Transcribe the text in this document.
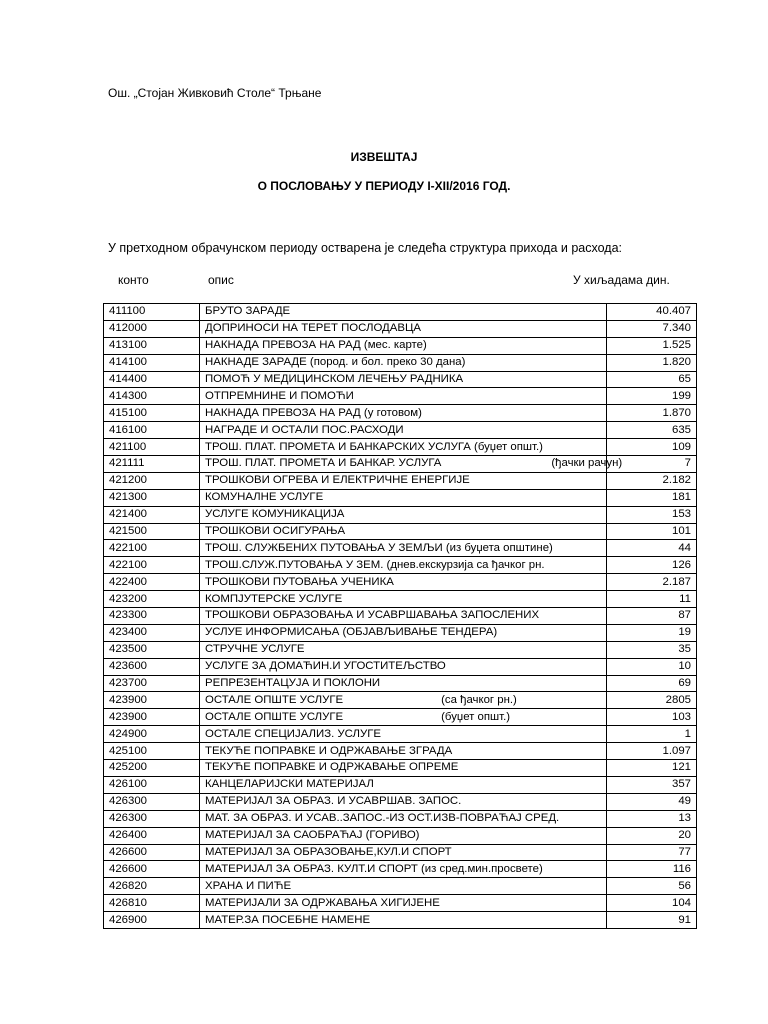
Ош. „Стојан Живковић Столе“ Трњане
ИЗВЕШТАЈ
О ПОСЛОВАЊУ У ПЕРИОДУ I-XII/2016 ГОД.
У претходном обрачунском периоду остварена је следећа структура прихода и расхода:
конто	опис	У хиљадама дин.
411100	БРУТО ЗАРАДЕ	40.407
412000	ДОПРИНОСИ НА ТЕРЕТ ПОСЛОДАВЦА	7.340
413100	НАКНАДА ПРЕВОЗА НА РАД (мес. карте)	1.525
414100	НАКНАДЕ ЗАРАДЕ (пород. и бол. преко 30 дана)	1.820
414400	ПОМОЋ У МЕДИЦИНСКОМ ЛЕЧЕЊУ РАДНИКА	65
414300	ОТПРЕМНИНЕ И ПОМОЋИ	199
415100	НАКНАДА ПРЕВОЗА НА РАД (у готовом)	1.870
416100	НАГРАДЕ И ОСТАЛИ ПОС.РАСХОДИ	635
421100	ТРОШ. ПЛАТ. ПРОМЕТА И БАНКАРСКИХ УСЛУГА (буџет општ.)	109
421111	ТРОШ. ПЛАТ. ПРОМЕТА И БАНКАР. УСЛУГА (ђачки рачун)	7
421200	ТРОШКОВИ ОГРЕВА И ЕЛЕКТРИЧНЕ ЕНЕРГИЈЕ	2.182
421300	КОМУНАЛНЕ УСЛУГЕ	181
421400	УСЛУГЕ КОМУНИКАЦИЈА	153
421500	ТРОШКОВИ ОСИГУРАЊА	101
422100	ТРОШ. СЛУЖБЕНИХ ПУТОВАЊА У ЗЕМЉИ (из буџета општине)	44
422100	ТРОШ.СЛУЖ.ПУТОВАЊА У ЗЕМ. (днев.екскурзија са ђачког рн.	126
422400	ТРОШКОВИ ПУТОВАЊА УЧЕНИКА	2.187
423200	КОМПЈУТЕРСКЕ УСЛУГЕ	11
423300	ТРОШКОВИ ОБРАЗОВАЊА И УСАВРШАВАЊА ЗАПОСЛЕНИХ	87
423400	УСЛУЕ ИНФОРМИСАЊА (ОБЈАВЉИВАЊЕ ТЕНДЕРА)	19
423500	СТРУЧНЕ УСЛУГЕ	35
423600	УСЛУГЕ ЗА ДОМАЋИН.И УГОСТИТЕЉСТВО	10
423700	РЕПРЕЗЕНТАЦУЈА И ПОКЛОНИ	69
423900	ОСТАЛЕ ОПШТЕ УСЛУГЕ (са ђачког рн.)	2805
423900	ОСТАЛЕ ОПШТЕ УСЛУГЕ (буџет општ.)	103
424900	ОСТАЛЕ СПЕЦИЈАЛИЗ. УСЛУГЕ	1
425100	ТЕКУЋЕ ПОПРАВКЕ И ОДРЖАВАЊЕ ЗГРАДА	1.097
425200	ТЕКУЋЕ ПОПРАВКЕ И ОДРЖАВАЊЕ ОПРЕМЕ	121
426100	КАНЦЕЛАРИЈСКИ МАТЕРИЈАЛ	357
426300	МАТЕРИЈАЛ ЗА ОБРАЗ. И УСАВРШАВ. ЗАПОС.	49
426300	МАТ. ЗА ОБРАЗ. И УСАВ..ЗАПОС.-ИЗ ОСТ.ИЗВ-ПОВРАЋАЈ СРЕД.	13
426400	МАТЕРИЈАЛ ЗА САОБРАЋАЈ (ГОРИВО)	20
426600	МАТЕРИЈАЛ ЗА ОБРАЗОВАЊЕ,КУЛ.И СПОРТ	77
426600	МАТЕРИЈАЛ ЗА ОБРАЗ. КУЛТ.И СПОРТ (из сред.мин.просвете)	116
426820	ХРАНА И ПИЋЕ	56
426810	МАТЕРИЈАЛИ ЗА ОДРЖАВАЊА ХИГИЈЕНЕ	104
426900	МАТЕР.ЗА ПОСЕБНЕ НАМЕНЕ	91
